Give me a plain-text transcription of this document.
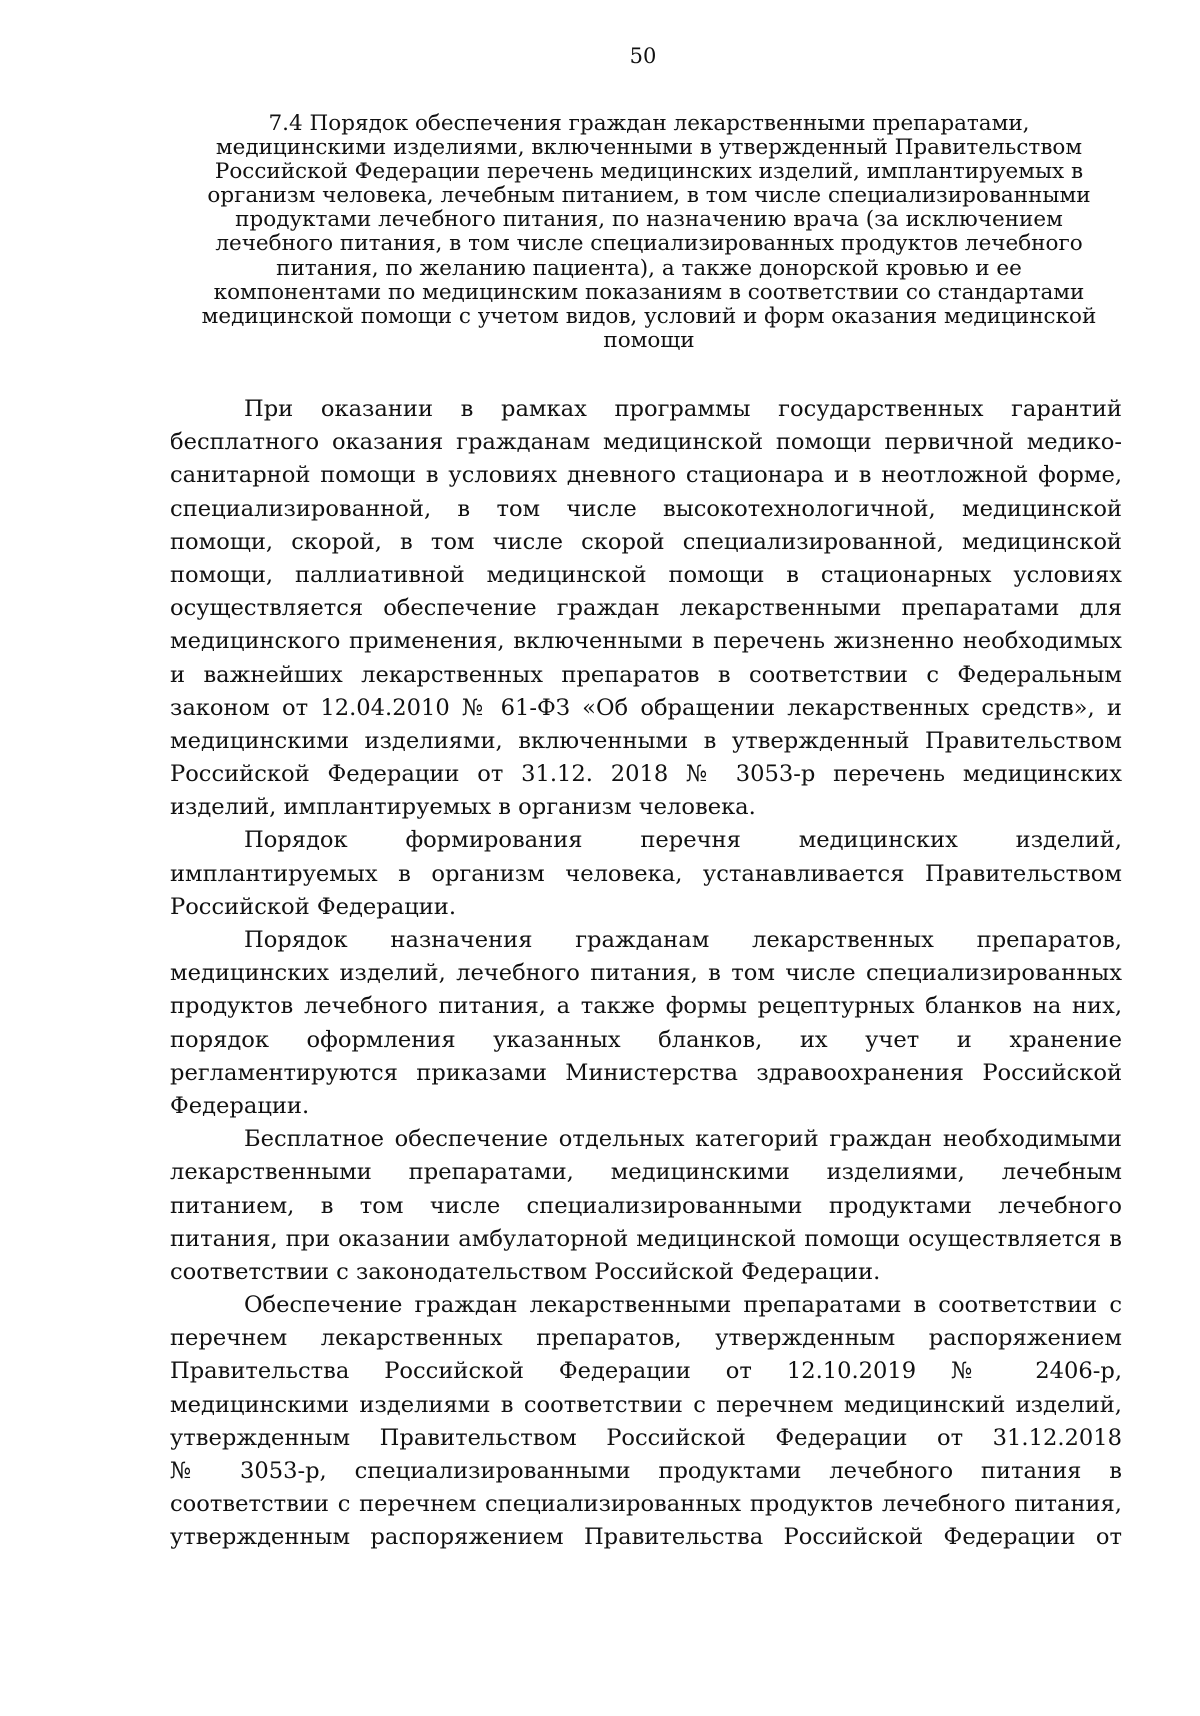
50
7.4 Порядок обеспечения граждан лекарственными препаратами,
медицинскими изделиями, включенными в утвержденный Правительством
Российской Федерации перечень медицинских изделий, имплантируемых в
организм человека, лечебным питанием, в том числе специализированными
продуктами лечебного питания, по назначению врача (за исключением
лечебного питания, в том числе специализированных продуктов лечебного
питания, по желанию пациента), а также донорской кровью и ее
компонентами по медицинским показаниям в соответствии со стандартами
медицинской помощи с учетом видов, условий и форм оказания медицинской
помощи
При оказании в рамках программы государственных гарантий
бесплатного оказания гражданам медицинской помощи первичной медико-
санитарной помощи в условиях дневного стационара и в неотложной форме,
специализированной, в том числе высокотехнологичной, медицинской
помощи, скорой, в том числе скорой специализированной, медицинской
помощи, паллиативной медицинской помощи в стационарных условиях
осуществляется обеспечение граждан лекарственными препаратами для
медицинского применения, включенными в перечень жизненно необходимых
и важнейших лекарственных препаратов в соответствии с Федеральным
законом от 12.04.2010 № 61-ФЗ «Об обращении лекарственных средств», и
медицинскими изделиями, включенными в утвержденный Правительством
Российской Федерации от 31.12. 2018 № 3053-р перечень медицинских
изделий, имплантируемых в организм человека.
Порядок формирования перечня медицинских изделий,
имплантируемых в организм человека, устанавливается Правительством
Российской Федерации.
Порядок назначения гражданам лекарственных препаратов,
медицинских изделий, лечебного питания, в том числе специализированных
продуктов лечебного питания, а также формы рецептурных бланков на них,
порядок оформления указанных бланков, их учет и хранение
регламентируются приказами Министерства здравоохранения Российской
Федерации.
Бесплатное обеспечение отдельных категорий граждан необходимыми
лекарственными препаратами, медицинскими изделиями, лечебным
питанием, в том числе специализированными продуктами лечебного
питания, при оказании амбулаторной медицинской помощи осуществляется в
соответствии с законодательством Российской Федерации.
Обеспечение граждан лекарственными препаратами в соответствии с
перечнем лекарственных препаратов, утвержденным распоряжением
Правительства Российской Федерации от 12.10.2019 № 2406-р,
медицинскими изделиями в соответствии с перечнем медицинский изделий,
утвержденным Правительством Российской Федерации от 31.12.2018
№ 3053-р, специализированными продуктами лечебного питания в
соответствии с перечнем специализированных продуктов лечебного питания,
утвержденным распоряжением Правительства Российской Федерации от
